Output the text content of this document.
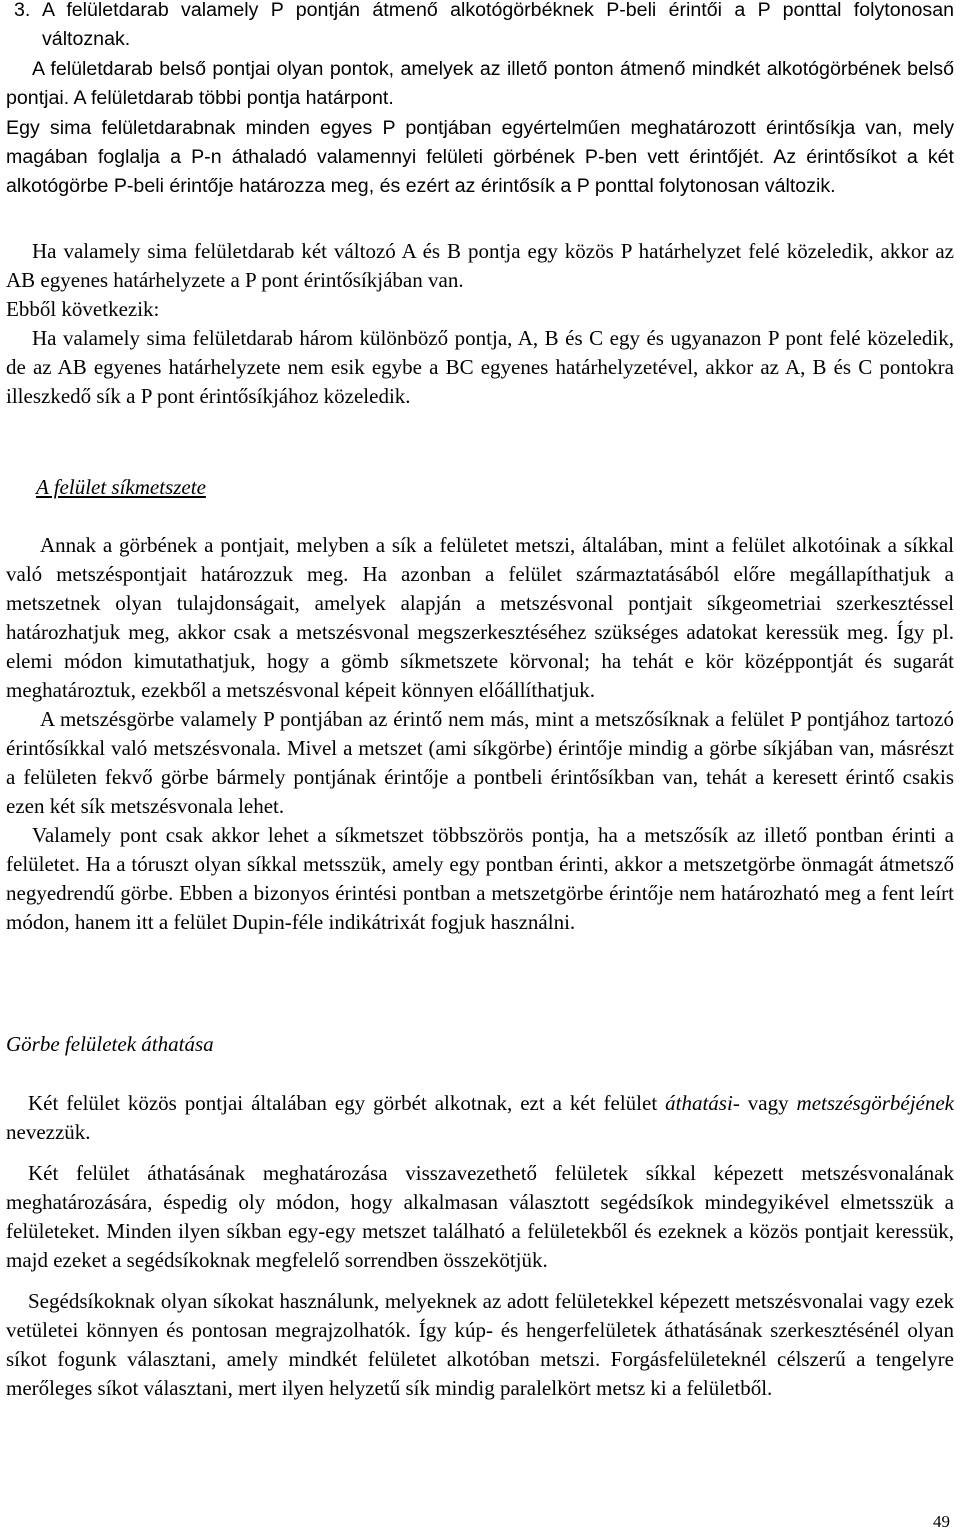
3. A felületdarab valamely P pontján átmenő alkotógörbéknek P-beli érintői a P ponttal folytonosan változnak.

A felületdarab belső pontjai olyan pontok, amelyek az illető ponton átmenő mindkét alkotógörbének belső pontjai. A felületdarab többi pontja határpont.

Egy sima felületdarabnak minden egyes P pontjában egyértelműen meghatározott érintősíkja van, mely magában foglalja a P-n áthaladó valamennyi felületi görbének P-ben vett érintőjét. Az érintősíkot a két alkotógörbe P-beli érintője határozza meg, és ezért az érintősík a P ponttal folytonosan változik.

Ha valamely sima felületdarab két változó A és B pontja egy közös P határhelyzet felé közeledik, akkor az AB egyenes határhelyzete a P pont érintősíkjában van.

Ebből következik:

Ha valamely sima felületdarab három különböző pontja, A, B és C egy és ugyanazon P pont felé közeledik, de az AB egyenes határhelyzete nem esik egybe a BC egyenes határhelyzetével, akkor az A, B és C pontokra illeszkedő sík a P pont érintősíkjához közeledik.

A felület síkmetszete

Annak a görbének a pontjait, melyben a sík a felületet metszi, általában, mint a felület alkotóinak a síkkal való metszéspontjait határozzuk meg. Ha azonban a felület származtatásából előre megállapíthatjuk a metszetnek olyan tulajdonságait, amelyek alapján a metszésvonal pontjait síkgeometriai szerkesztéssel határozhatjuk meg, akkor csak a metszésvonal megszerkesztéséhez szükséges adatokat keressük meg. Így pl. elemi módon kimutathatjuk, hogy a gömb síkmetszete körvonal; ha tehát e kör középpontját és sugarát meghatároztuk, ezekből a metszésvonal képeit könnyen előállíthatjuk.

A metszésgörbe valamely P pontjában az érintő nem más, mint a metszősíknak a felület P pontjához tartozó érintősíkkal való metszésvonala. Mivel a metszet (ami síkgörbe) érintője mindig a görbe síkjában van, másrészt a felületen fekvő görbe bármely pontjának érintője a pontbeli érintősíkban van, tehát a keresett érintő csakis ezen két sík metszésvonala lehet.

Valamely pont csak akkor lehet a síkmetszet többszörös pontja, ha a metszősík az illető pontban érinti a felületet. Ha a tóruszt olyan síkkal metsszük, amely egy pontban érinti, akkor a metszetgörbe önmagát átmetsző negyedrendű görbe. Ebben a bizonyos érintési pontban a metszetgörbe érintője nem határozható meg a fent leírt módon, hanem itt a felület Dupin-féle indikátrixát fogjuk használni.

Görbe felületek áthatása

Két felület közös pontjai általában egy görbét alkotnak, ezt a két felület áthatási- vagy metszésgörbéjének nevezzük.

Két felület áthatásának meghatározása visszavezethető felületek síkkal képezett metszésvonalának meghatározására, éspedig oly módon, hogy alkalmasan választott segédsíkok mindegyikével elmetsszük a felületeket. Minden ilyen síkban egy-egy metszet található a felületekből és ezeknek a közös pontjait keressük, majd ezeket a segédsíkoknak megfelelő sorrendben összekötjük.

Segédsíkoknak olyan síkokat használunk, melyeknek az adott felületekkel képezett metszésvonalai vagy ezek vetületei könnyen és pontosan megrajzolhatók. Így kúp- és hengerfelületek áthatásának szerkesztésénél olyan síkot fogunk választani, amely mindkét felületet alkotóban metszi. Forgásfelületeknél célszerű a tengelyre merőleges síkot választani, mert ilyen helyzetű sík mindig paralelkört metsz ki a felületből.

49
